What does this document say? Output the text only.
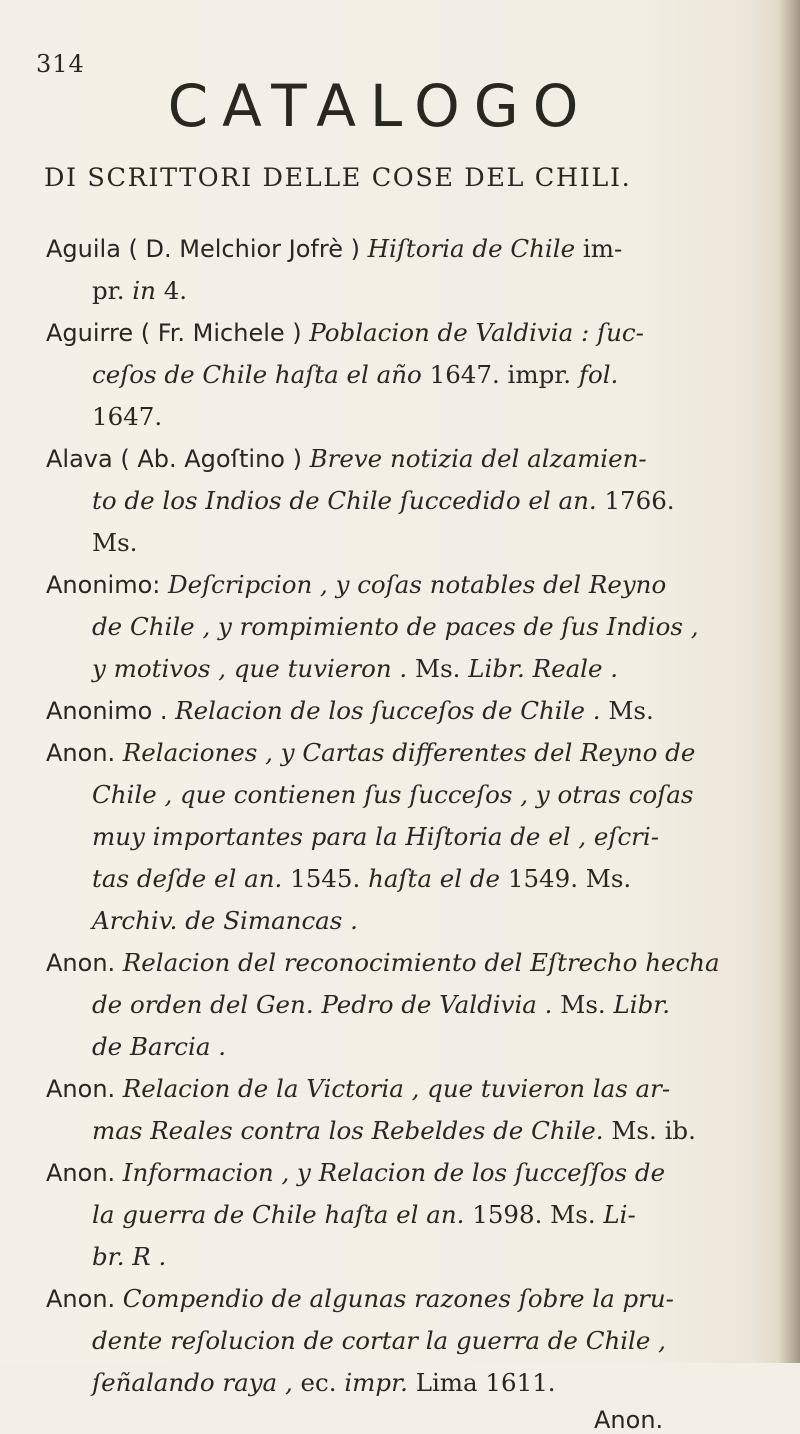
314
CATALOGO
DI SCRITTORI DELLE COSE DEL CHILI.
Aguila ( D. Melchior Jofrè ) Hiſtoria de Chile im-
pr. in 4.
Aguirre ( Fr. Michele ) Poblacion de Valdivia : ſuc-
ceſos de Chile haſta el año 1647. impr. fol.
1647.
Alava ( Ab. Agoſtino ) Breve notizia del alzamien-
to de los Indios de Chile ſuccedido el an. 1766.
Ms.
Anonimo: Deſcripcion , y coſas notables del Reyno
de Chile , y rompimiento de paces de ſus Indios ,
y motivos , que tuvieron . Ms. Libr. Reale .
Anonimo . Relacion de los ſucceſos de Chile . Ms.
Anon. Relaciones , y Cartas differentes del Reyno de
Chile , que contienen ſus ſucceſos , y otras coſas
muy importantes para la Hiſtoria de el , eſcri-
tas deſde el an. 1545. haſta el de 1549. Ms.
Archiv. de Simancas .
Anon. Relacion del reconocimiento del Eſtrecho hecha
de orden del Gen. Pedro de Valdivia . Ms. Libr.
de Barcia .
Anon. Relacion de la Victoria , que tuvieron las ar-
mas Reales contra los Rebeldes de Chile. Ms. ib.
Anon. Informacion , y Relacion de los ſucceſſos de
la guerra de Chile haſta el an. 1598. Ms. Li-
br. R .
Anon. Compendio de algunas razones ſobre la pru-
dente reſolucion de cortar la guerra de Chile ,
ſeñalando raya , ec. impr. Lima 1611.
Anon.
